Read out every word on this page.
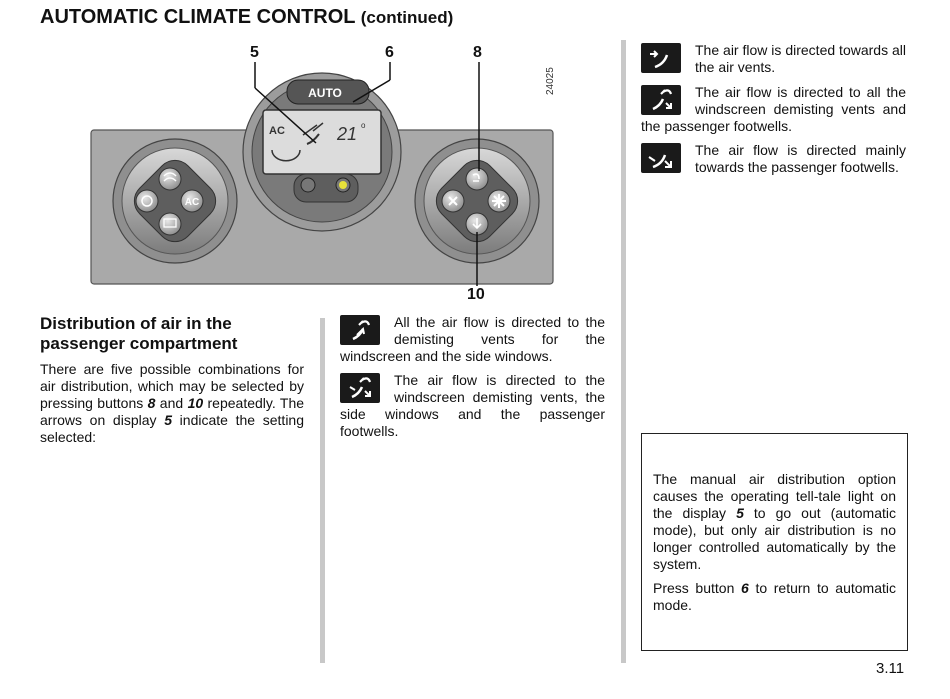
AUTOMATIC CLIMATE CONTROL (continued)
AC
AUTO
AC	21 o
5	6	8
10
24025
Distribution of air in the
passenger compartment
There are five possible combinations for air distribution, which may be selected by pressing buttons 8 and 10 repeatedly. The arrows on display 5 indicate the setting selected:
All the air flow is directed to the demisting vents for the windscreen and the side windows.
The air flow is directed to the windscreen demisting vents, the side windows and the passenger footwells.
The air flow is directed towards all the air vents.
The air flow is directed to all the windscreen demisting vents and the passenger footwells.
The air flow is directed mainly towards the passenger footwells.
The manual air distribution option causes the operating tell-tale light on the display 5 to go out (automatic mode), but only air distribution is no longer controlled automatically by the system.
Press button 6 to return to automatic mode.
3.11
